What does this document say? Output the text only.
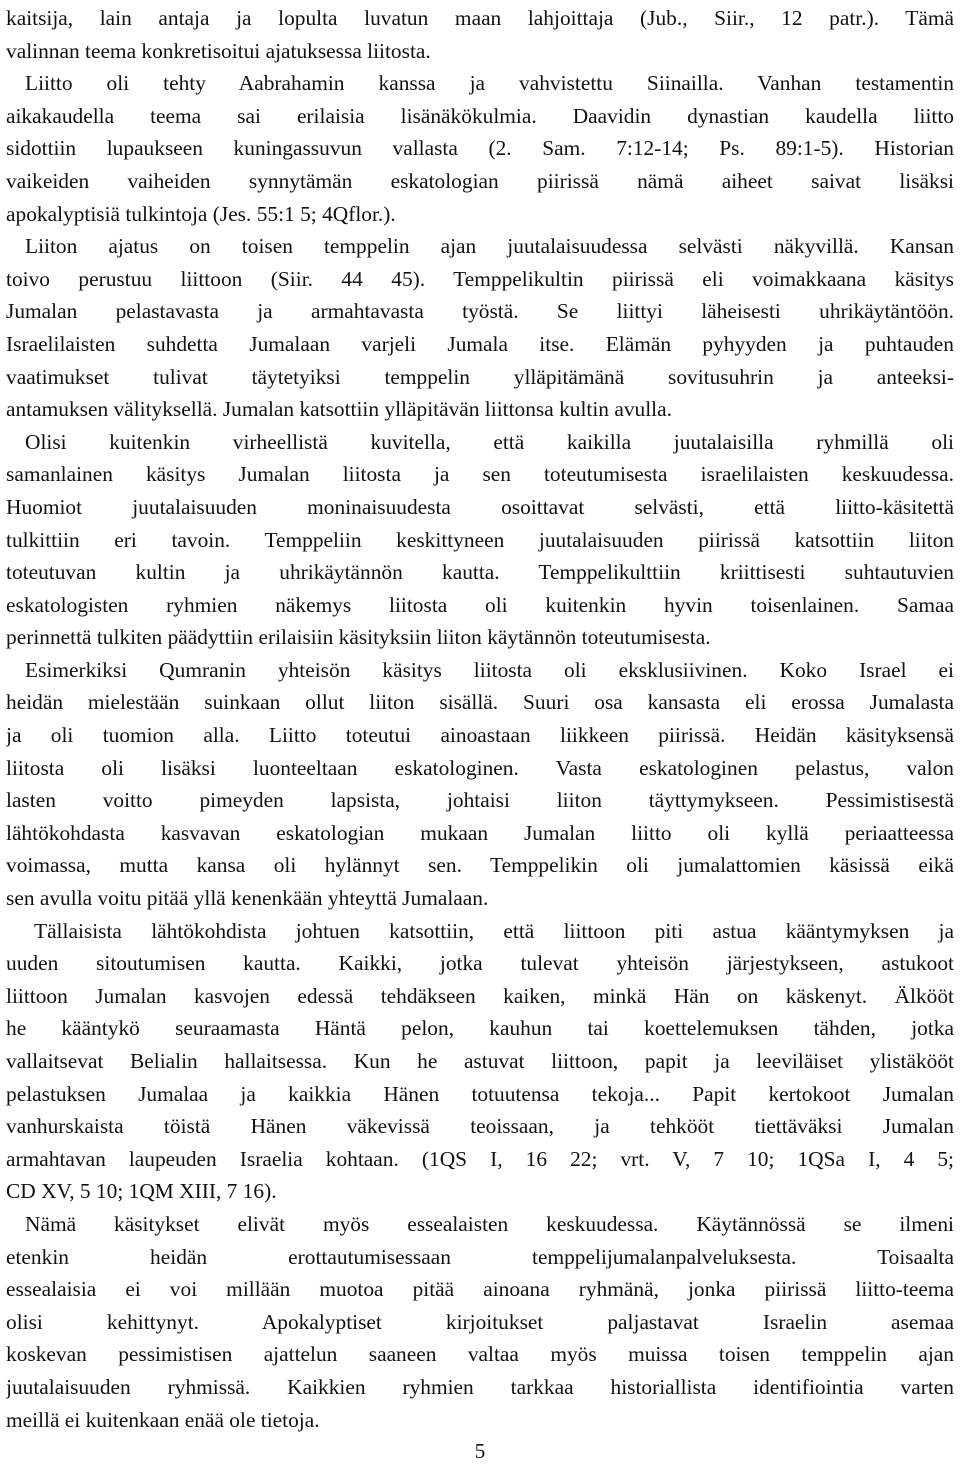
kaitsija, lain antaja ja lopulta luvatun maan lahjoittaja (Jub., Siir., 12 patr.). Tämä
valinnan teema konkretisoitui ajatuksessa liitosta.
Liitto oli tehty Aabrahamin kanssa ja vahvistettu Siinailla. Vanhan testamentin
aikakaudella teema sai erilaisia lisänäkökulmia. Daavidin dynastian kaudella liitto
sidottiin lupaukseen kuningassuvun vallasta (2. Sam. 7:12-14; Ps. 89:1-5). Historian
vaikeiden vaiheiden synnytämän eskatologian piirissä nämä aiheet saivat lisäksi
apokalyptisiä tulkintoja (Jes. 55:1 5; 4Qflor.).
Liiton ajatus on toisen temppelin ajan juutalaisuudessa selvästi näkyvillä. Kansan
toivo perustuu liittoon (Siir. 44 45). Temppelikultin piirissä eli voimakkaana käsitys
Jumalan pelastavasta ja armahtavasta työstä. Se liittyi läheisesti uhrikäytäntöön.
Israelilaisten suhdetta Jumalaan varjeli Jumala itse. Elämän pyhyyden ja puhtauden
vaatimukset tulivat täytetyiksi temppelin ylläpitämänä sovitusuhrin ja anteeksi-
antamuksen välityksellä. Jumalan katsottiin ylläpitävän liittonsa kultin avulla.
Olisi kuitenkin virheellistä kuvitella, että kaikilla juutalaisilla ryhmillä oli
samanlainen käsitys Jumalan liitosta ja sen toteutumisesta israelilaisten keskuudessa.
Huomiot juutalaisuuden moninaisuudesta osoittavat selvästi, että liitto-käsitettä
tulkittiin eri tavoin. Temppeliin keskittyneen juutalaisuuden piirissä katsottiin liiton
toteutuvan kultin ja uhrikäytännön kautta. Temppelikulttiin kriittisesti suhtautuvien
eskatologisten ryhmien näkemys liitosta oli kuitenkin hyvin toisenlainen. Samaa
perinnettä tulkiten päädyttiin erilaisiin käsityksiin liiton käytännön toteutumisesta.
Esimerkiksi Qumranin yhteisön käsitys liitosta oli eksklusiivinen. Koko Israel ei
heidän mielestään suinkaan ollut liiton sisällä. Suuri osa kansasta eli erossa Jumalasta
ja oli tuomion alla. Liitto toteutui ainoastaan liikkeen piirissä. Heidän käsityksensä
liitosta oli lisäksi luonteeltaan eskatologinen. Vasta eskatologinen pelastus, valon
lasten voitto pimeyden lapsista, johtaisi liiton täyttymykseen. Pessimistisestä
lähtökohdasta kasvavan eskatologian mukaan Jumalan liitto oli kyllä periaatteessa
voimassa, mutta kansa oli hylännyt sen. Temppelikin oli jumalattomien käsissä eikä
sen avulla voitu pitää yllä kenenkään yhteyttä Jumalaan.
Tällaisista lähtökohdista johtuen katsottiin, että liittoon piti astua kääntymyksen ja
uuden sitoutumisen kautta. Kaikki, jotka tulevat yhteisön järjestykseen, astukoot
liittoon Jumalan kasvojen edessä tehdäkseen kaiken, minkä Hän on käskenyt. Älkööt
he kääntykö seuraamasta Häntä pelon, kauhun tai koettelemuksen tähden, jotka
vallaitsevat Belialin hallaitsessa. Kun he astuvat liittoon, papit ja leeviläiset ylistäkööt
pelastuksen Jumalaa ja kaikkia Hänen totuutensa tekoja... Papit kertokoot Jumalan
vanhurskaista töistä Hänen väkevissä teoissaan, ja tehkööt tiettäväksi Jumalan
armahtavan laupeuden Israelia kohtaan. (1QS I, 16 22; vrt. V, 7 10; 1QSa I, 4 5;
CD XV, 5 10; 1QM XIII, 7 16).
Nämä käsitykset elivät myös essealaisten keskuudessa. Käytännössä se ilmeni
etenkin heidän erottautumisessaan temppelijumalanpalveluksesta. Toisaalta
essealaisia ei voi millään muotoa pitää ainoana ryhmänä, jonka piirissä liitto-teema
olisi kehittynyt. Apokalyptiset kirjoitukset paljastavat Israelin asemaa
koskevan pessimistisen ajattelun saaneen valtaa myös muissa toisen temppelin ajan
juutalaisuuden ryhmissä. Kaikkien ryhmien tarkkaa historiallista identifiointia varten
meillä ei kuitenkaan enää ole tietoja.
5
